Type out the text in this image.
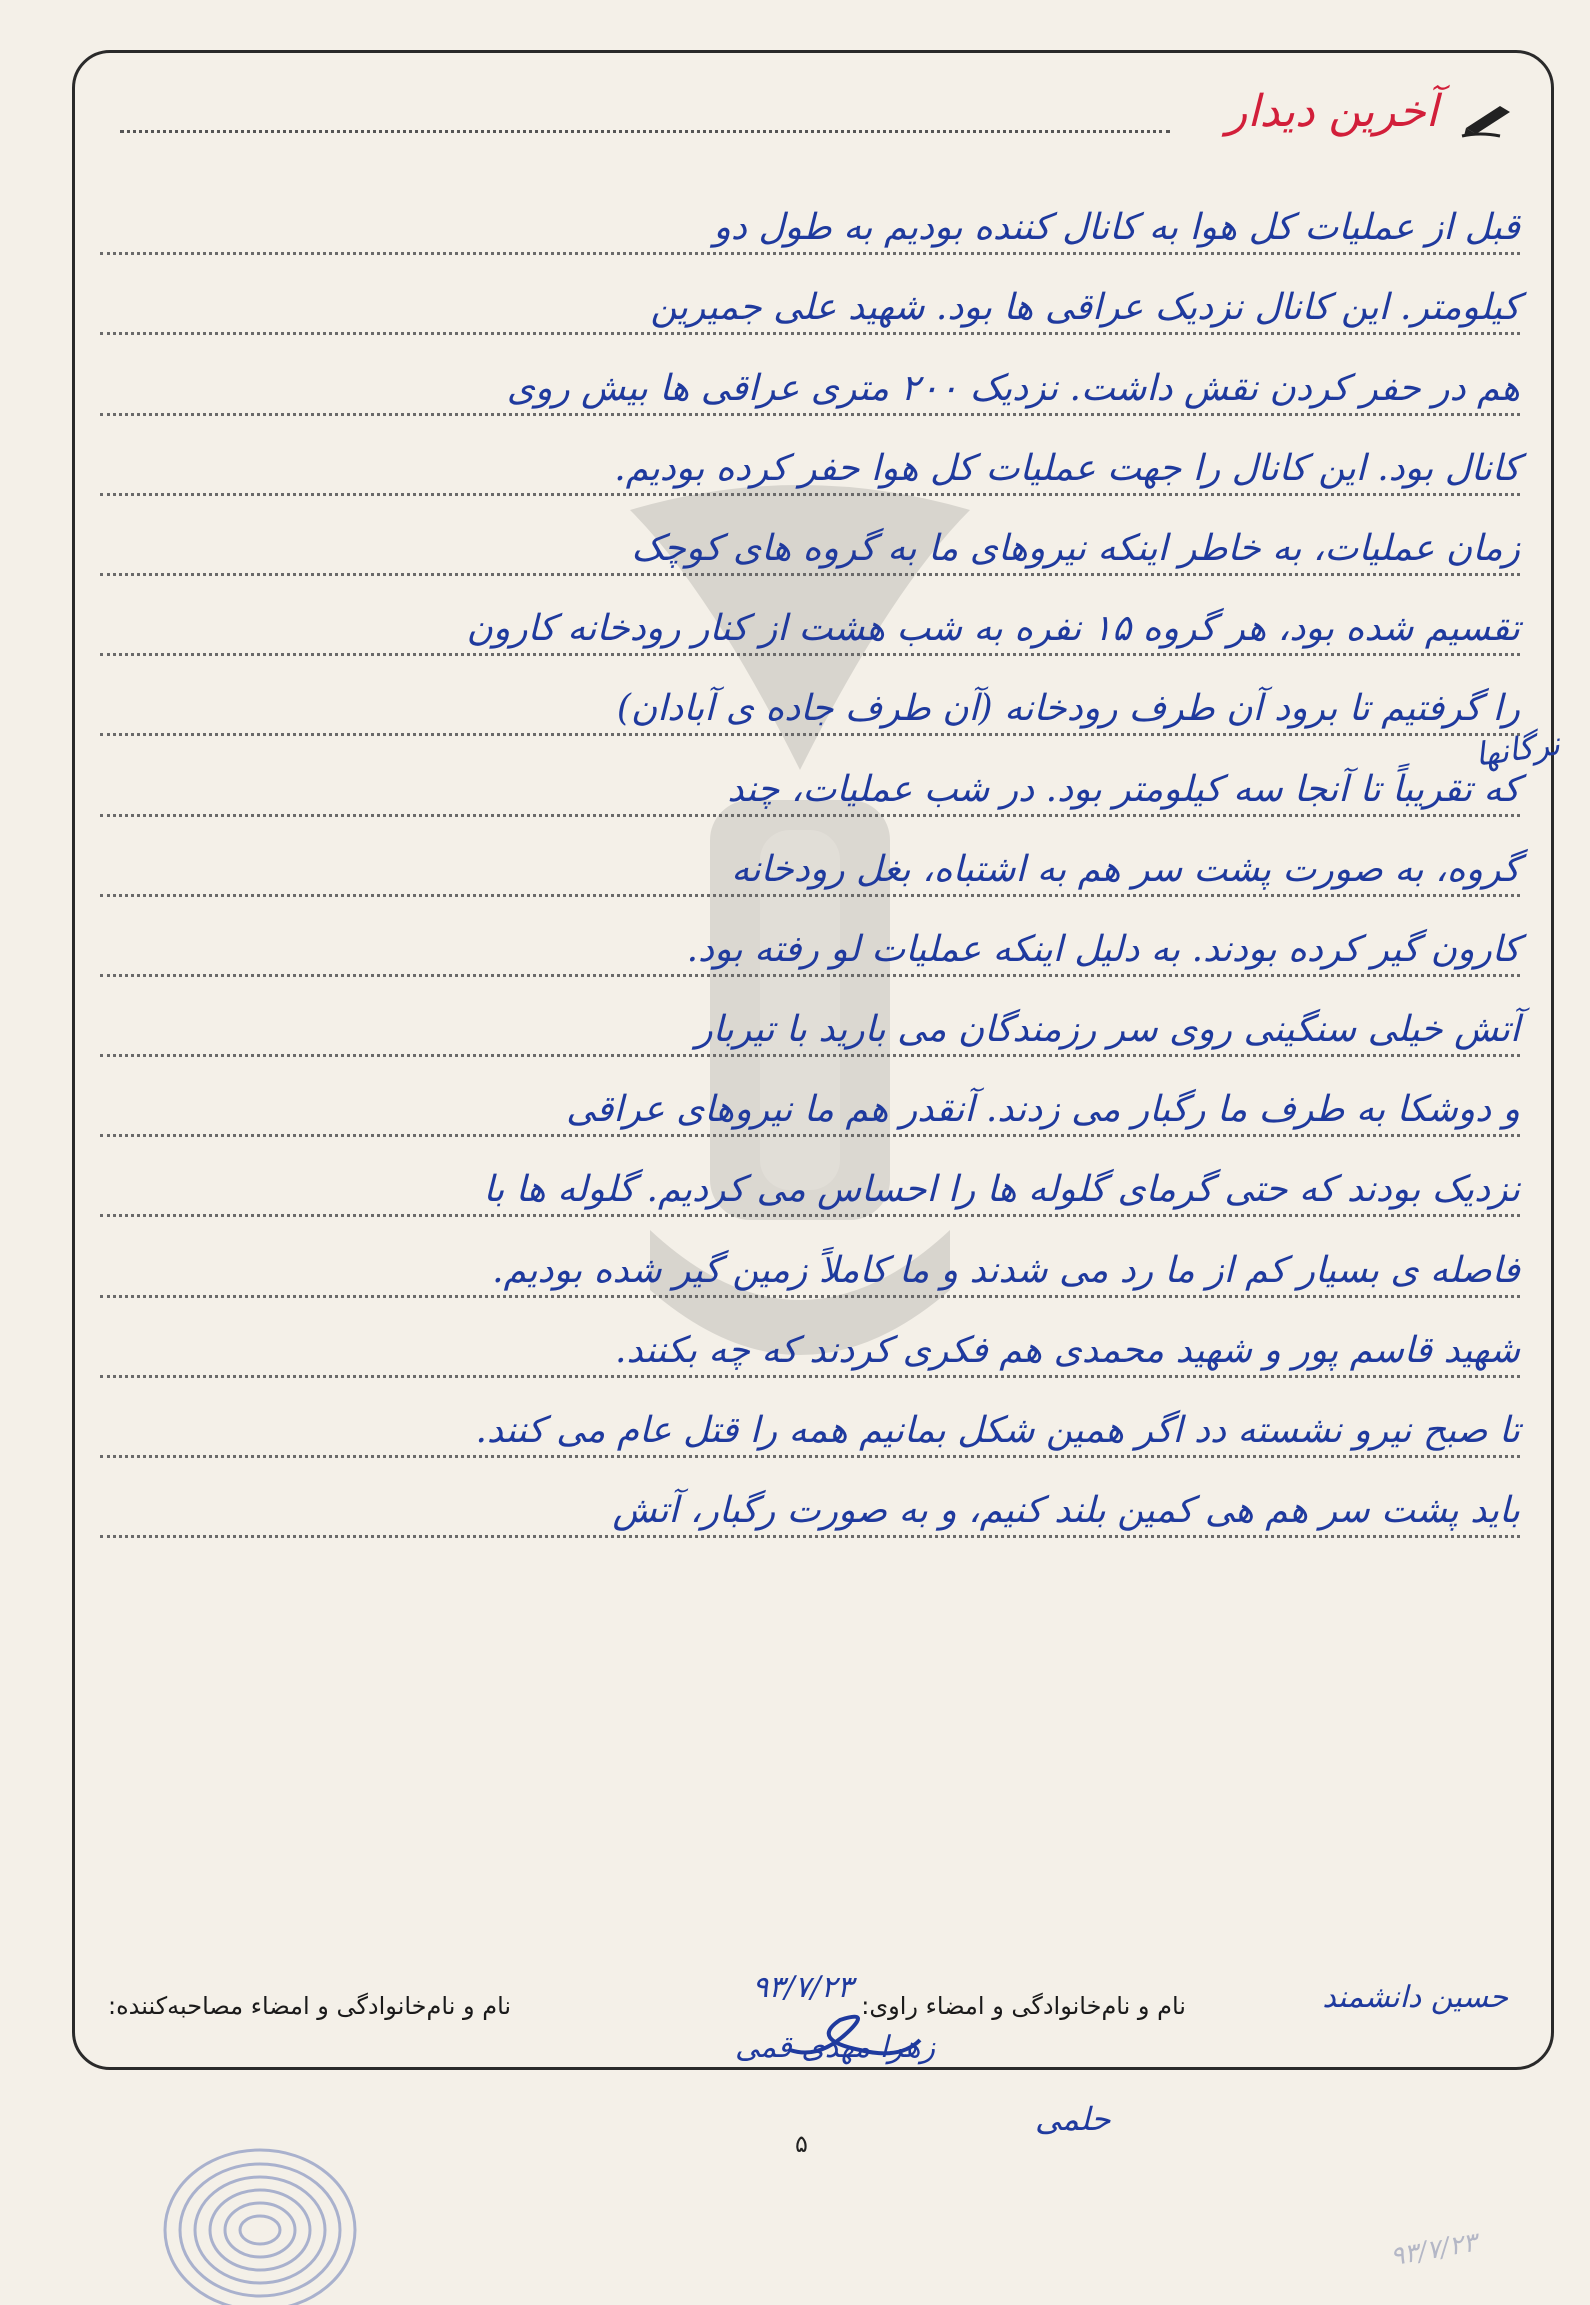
آخرین دیدار
قبل از عملیات کل هوا به کانال کننده بودیم به طول دو
کیلومتر. این کانال نزدیک عراقی ها بود. شهید علی جمیرین
هم در حفر کردن نقش داشت. نزدیک ۲۰۰ متری عراقی ها بیش روی
کانال بود. این کانال را جهت عملیات کل هوا حفر کرده بودیم.
زمان عملیات، به خاطر اینکه نیروهای ما به گروه های کوچک
تقسیم شده بود، هر گروه ۱۵ نفره به شب هشت از کنار رودخانه کارون
را گرفتیم تا برود آن طرف رودخانه (آن طرف جاده ی آبادان)
که تقریباً تا آنجا سه کیلومتر بود. در شب عملیات، چند
گروه، به صورت پشت سر هم به اشتباه، بغل رودخانه
کارون گیر کرده بودند. به دلیل اینکه عملیات لو رفته بود.
آتش خیلی سنگینی روی سر رزمندگان می بارید با تیربار
و دوشکا به طرف ما رگبار می زدند. آنقدر هم ما نیروهای عراقی
نزدیک بودند که حتی گرمای گلوله ها را احساس می کردیم. گلوله ها با
فاصله ی بسیار کم از ما رد می شدند و ما کاملاً زمین گیر شده بودیم.
شهید قاسم پور و شهید محمدی هم فکری کردند که چه بکنند.
تا صبح نیرو نشسته دد اگر همین شکل بمانیم همه را قتل عام می کنند.
باید پشت سر هم هی کمین بلند کنیم، و به صورت رگبار، آتش
نرگانها
حسین دانشمند
نام و نام‌خانوادگی و امضاء راوی:
۹۳/۷/۲۳
نام و نام‌خانوادگی و امضاء مصاحبه‌کننده:
زهرا مهدی قمی
حلمی
۵
۹۳/۷/۲۳
